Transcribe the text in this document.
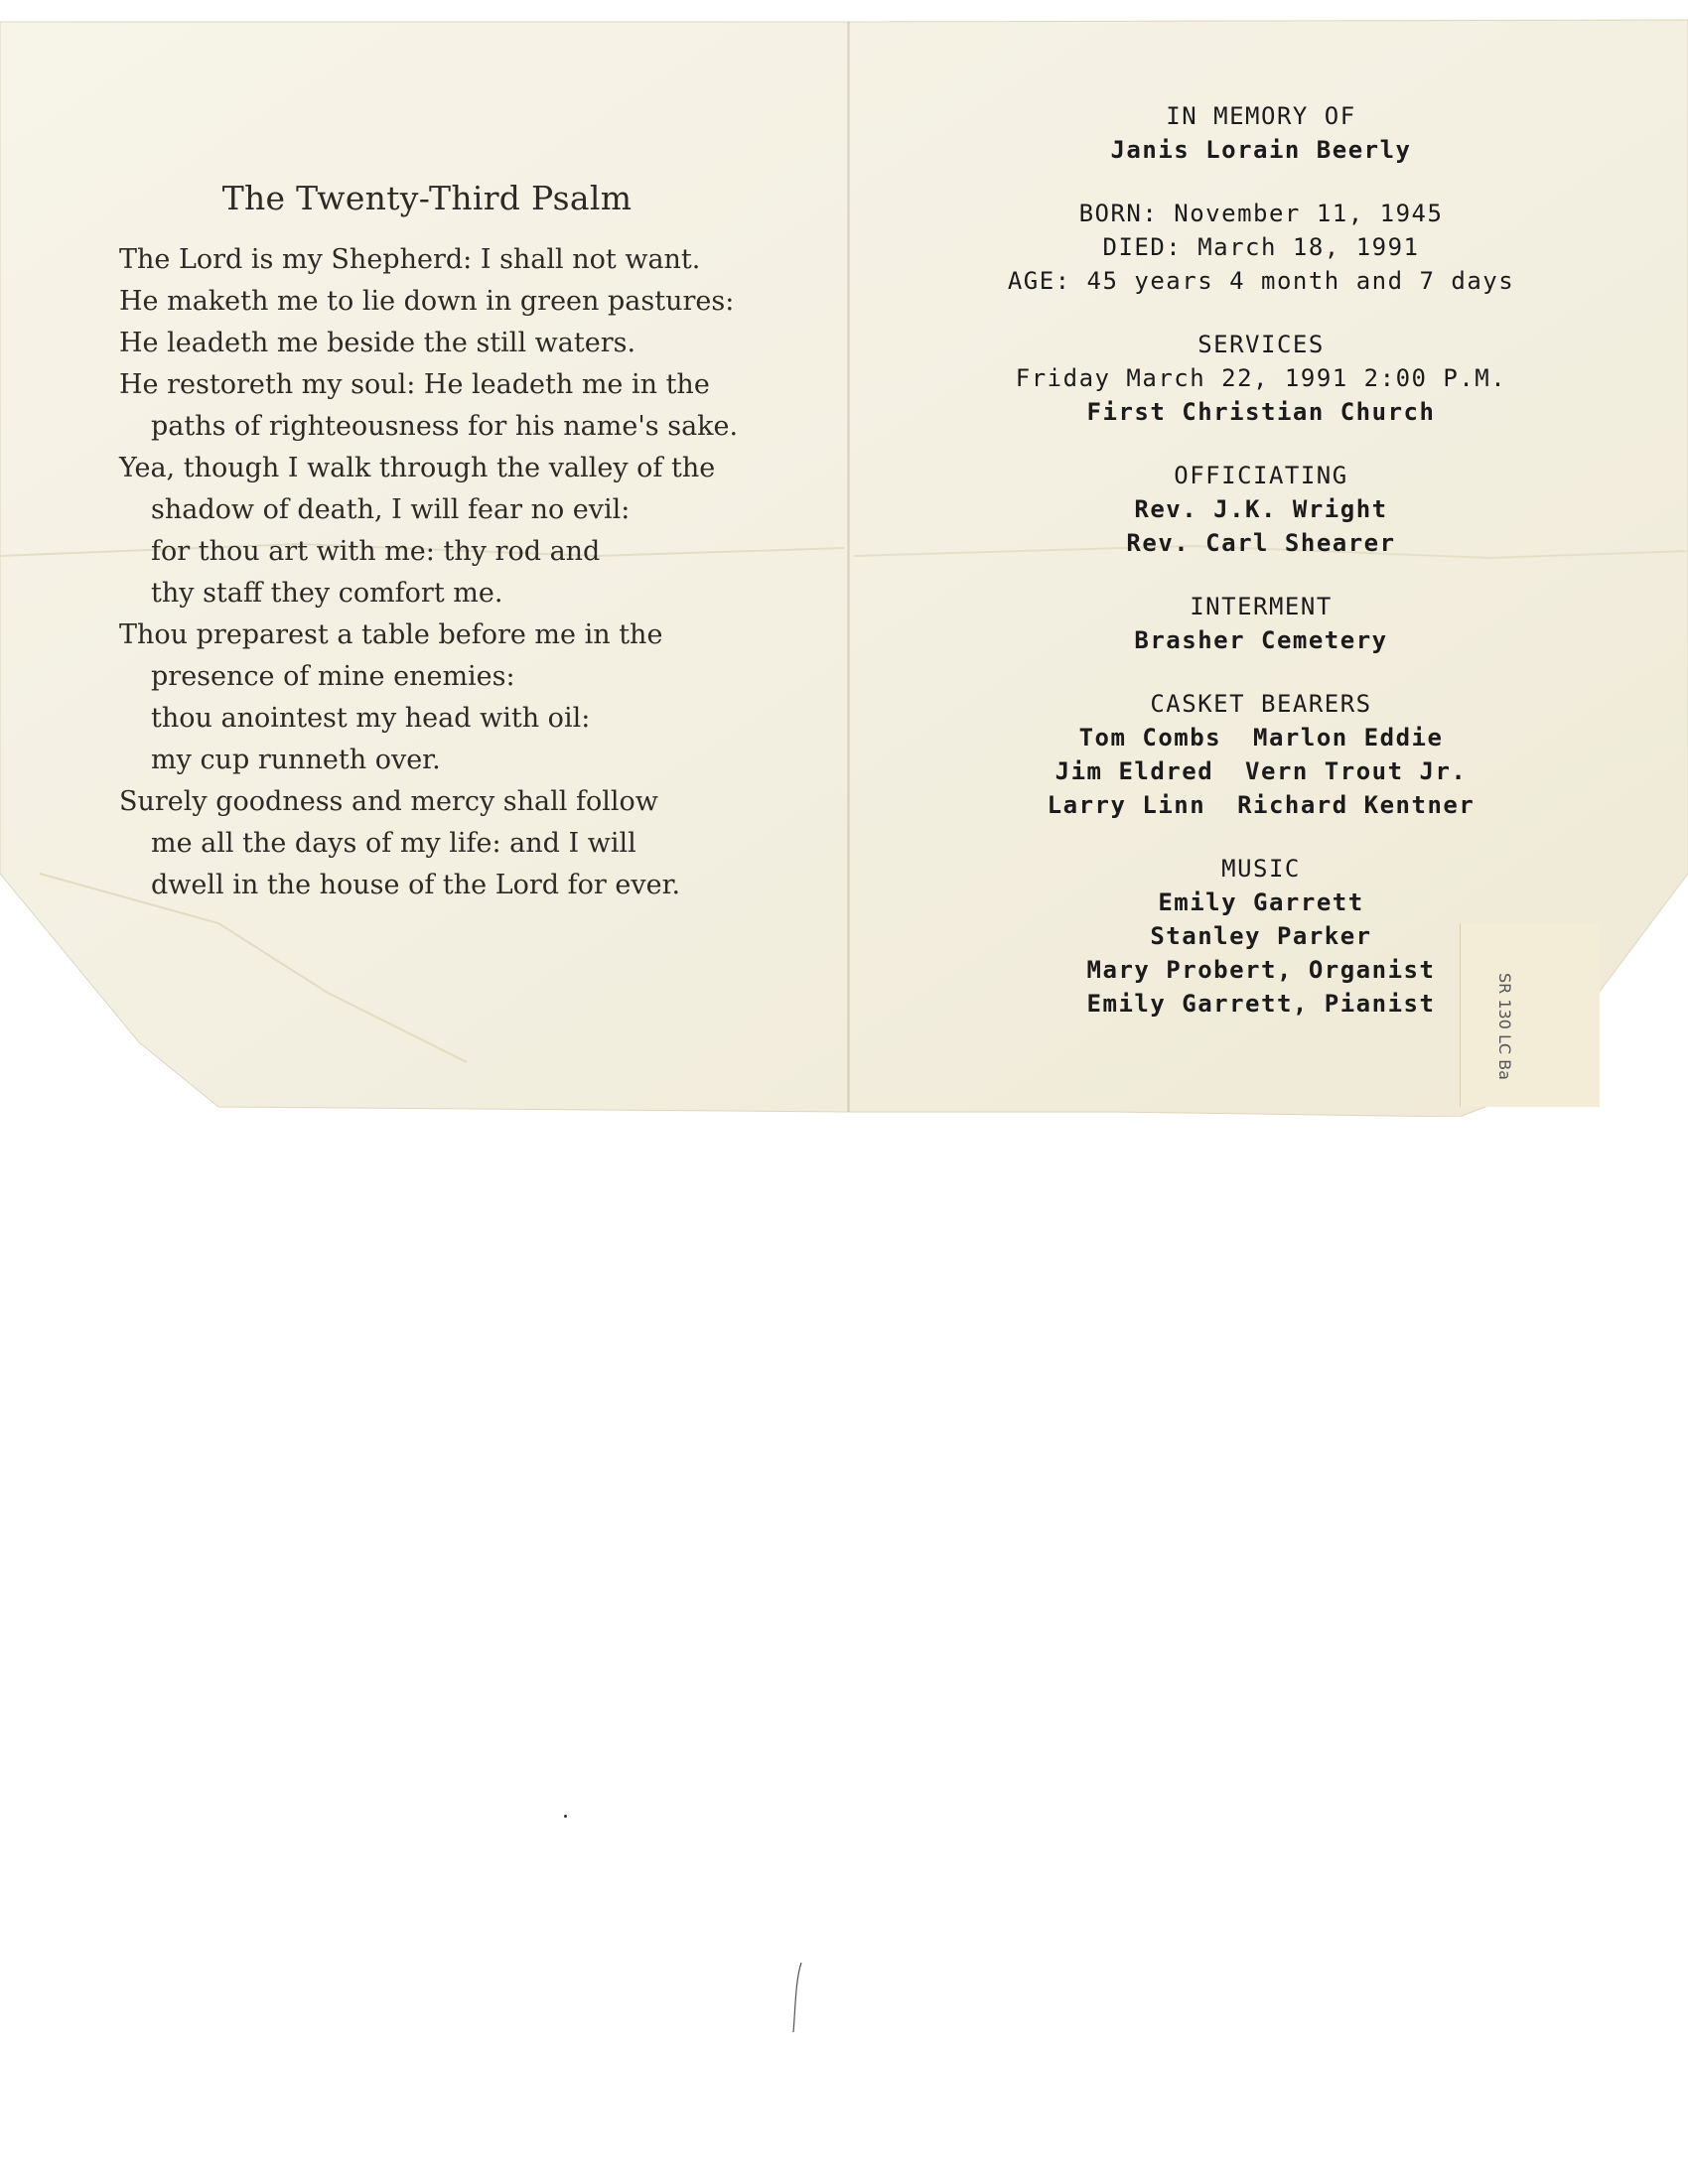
SR 130 LC Ba
The Twenty-Third Psalm
The Lord is my Shepherd: I shall not want.
He maketh me to lie down in green pastures:
He leadeth me beside the still waters.
He restoreth my soul: He leadeth me in the
paths of righteousness for his name's sake.
Yea, though I walk through the valley of the
shadow of death, I will fear no evil:
for thou art with me: thy rod and
thy staff they comfort me.
Thou preparest a table before me in the
presence of mine enemies:
thou anointest my head with oil:
my cup runneth over.
Surely goodness and mercy shall follow
me all the days of my life: and I will
dwell in the house of the Lord for ever.
IN MEMORY OF
Janis Lorain Beerly
BORN: November 11, 1945
DIED: March 18, 1991
AGE: 45 years 4 month and 7 days
SERVICES
Friday March 22, 1991 2:00 P.M.
First Christian Church
OFFICIATING
Rev. J.K. Wright
Rev. Carl Shearer
INTERMENT
Brasher Cemetery
CASKET BEARERS
Tom Combs  Marlon Eddie
Jim Eldred  Vern Trout Jr.
Larry Linn  Richard Kentner
MUSIC
Emily Garrett
Stanley Parker
Mary Probert, Organist
Emily Garrett, Pianist
